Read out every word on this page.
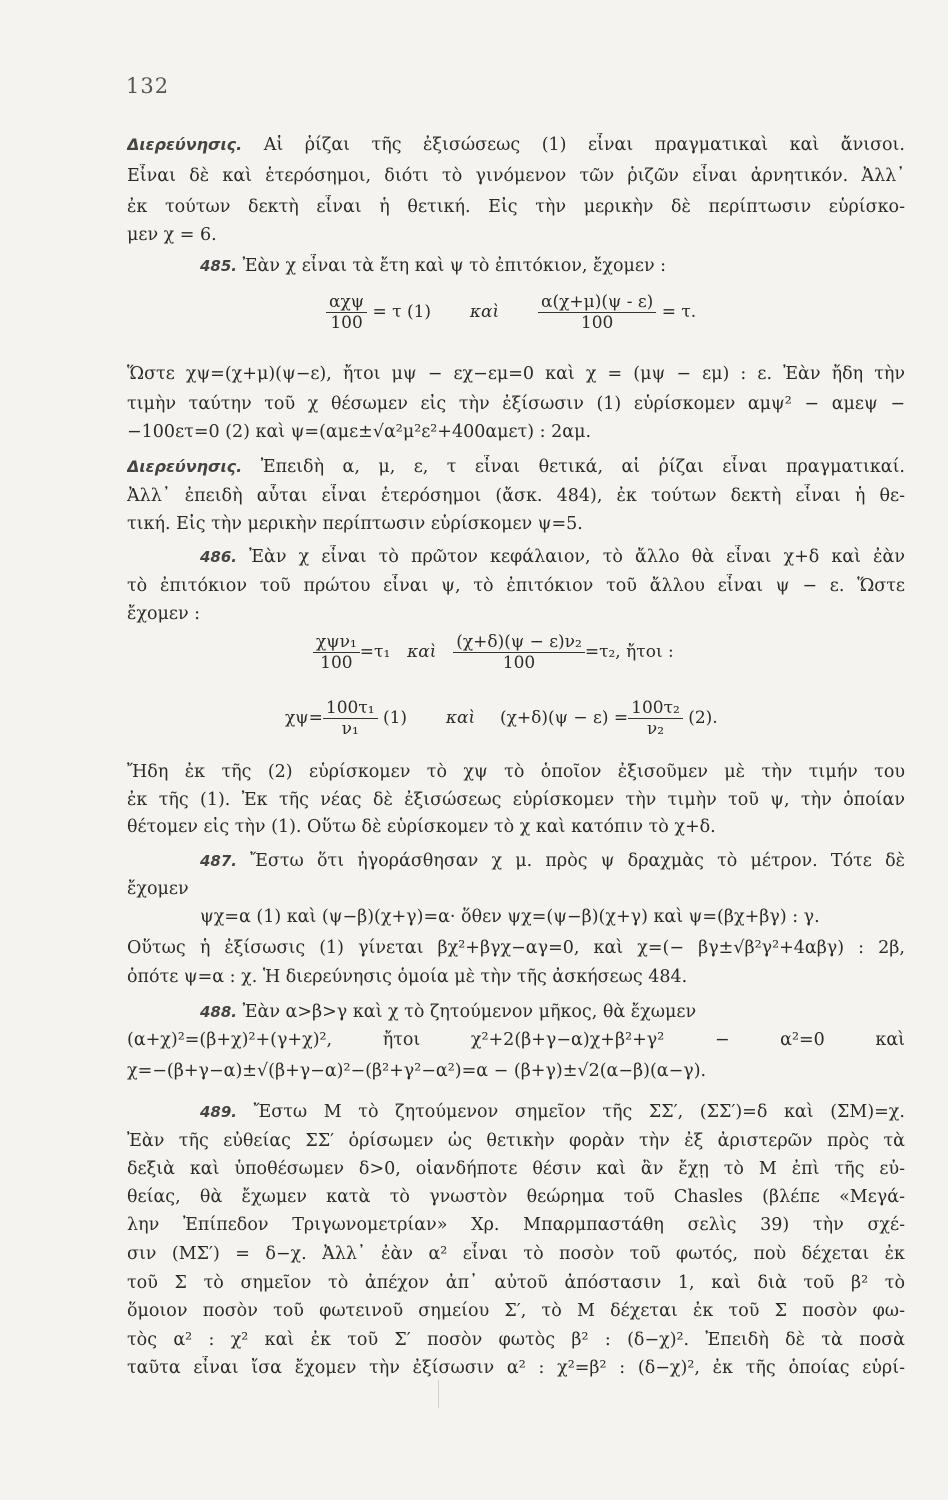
132
Διερεύνησις. Αἱ ῥίζαι τῆς ἐξισώσεως (1) εἶναι πραγματικαὶ καὶ ἄνισοι.
Εἶναι δὲ καὶ ἑτερόσημοι, διότι τὸ γινόμενον τῶν ῥιζῶν εἶναι ἀρνητικόν. Ἀλλ᾽
ἐκ τούτων δεκτὴ εἶναι ἡ θετική. Εἰς τὴν μερικὴν δὲ περίπτωσιν εὑρίσκο-
μεν χ = 6.
485. Ἐὰν χ εἶναι τὰ ἔτη καὶ ψ τὸ ἐπιτόκιον, ἔχομεν :
$\frac{\text{αχψ}}{100} = \tau$ (1) καὶ $\frac{\alpha(\chi+\mu)(\psi - \varepsilon)}{100} = \tau$.
Ὥστε χψ=(χ+μ)(ψ−ε), ἤτοι μψ − εχ−εμ=0 καὶ χ = (μψ − εμ) : ε. Ἐὰν ἤδη τὴν
τιμὴν ταύτην τοῦ χ θέσωμεν εἰς τὴν ἐξίσωσιν (1) εὑρίσκομεν αμψ² − αμεψ −
−100ετ=0 (2) καὶ ψ=(αμε±√α²μ²ε²+400αμετ) : 2αμ.
Διερεύνησις. Ἐπειδὴ α, μ, ε, τ εἶναι θετικά, αἱ ῥίζαι εἶναι πραγματικαί.
Ἀλλ᾽ ἐπειδὴ αὗται εἶναι ἑτερόσημοι (ἄσκ. 484), ἐκ τούτων δεκτὴ εἶναι ἡ θε-
τική. Εἰς τὴν μερικὴν περίπτωσιν εὑρίσκομεν ψ=5.
486. Ἐὰν χ εἶναι τὸ πρῶτον κεφάλαιον, τὸ ἄλλο θὰ εἶναι χ+δ καὶ ἐὰν
τὸ ἐπιτόκιον τοῦ πρώτου εἶναι ψ, τὸ ἐπιτόκιον τοῦ ἄλλου εἶναι ψ − ε. Ὥστε
ἔχομεν :
$\frac{\text{χψν₁}}{100} =\tau_1$ καὶ $\frac{\text{(χ+δ)(ψ − ε)ν₂}}{100} =\tau_2$, ἤτοι :
$\chi\psi= \frac{\text{100τ₁}}{\text{ν₁}} (1)$ καὶ $(\chi+\delta)(\psi - \varepsilon) = \frac{\text{100τ₂}}{\text{ν₂}} (2)$.
Ἤδη ἐκ τῆς (2) εὑρίσκομεν τὸ χψ τὸ ὁποῖον ἐξισοῦμεν μὲ τὴν τιμήν του
ἐκ τῆς (1). Ἐκ τῆς νέας δὲ ἐξισώσεως εὑρίσκομεν τὴν τιμὴν τοῦ ψ, τὴν ὁποίαν
θέτομεν εἰς τὴν (1). Οὕτω δὲ εὑρίσκομεν τὸ χ καὶ κατόπιν τὸ χ+δ.
487. Ἔστω ὅτι ἠγοράσθησαν χ μ. πρὸς ψ δραχμὰς τὸ μέτρον. Τότε δὲ
ἔχομεν
ψχ=α (1) καὶ (ψ−β)(χ+γ)=α· ὅθεν ψχ=(ψ−β)(χ+γ) καὶ ψ=(βχ+βγ) : γ.
Οὕτως ἡ ἐξίσωσις (1) γίνεται βχ²+βγχ−αγ=0, καὶ χ=(− βγ±√β²γ²+4αβγ) : 2β,
ὁπότε ψ=α : χ. Ἡ διερεύνησις ὁμοία μὲ τὴν τῆς ἀσκήσεως 484.
488. Ἐὰν α>β>γ καὶ χ τὸ ζητούμενον μῆκος, θὰ ἔχωμεν
(α+χ)²=(β+χ)²+(γ+χ)², ἤτοι χ²+2(β+γ−α)χ+β²+γ² − α²=0 καὶ
χ=−(β+γ−α)±√(β+γ−α)²−(β²+γ²−α²)=α − (β+γ)±√2(α−β)(α−γ).
489. Ἔστω Μ τὸ ζητούμενον σημεῖον τῆς ΣΣ′, (ΣΣ′)=δ καὶ (ΣΜ)=χ.
Ἐὰν τῆς εὐθείας ΣΣ′ ὁρίσωμεν ὡς θετικὴν φορὰν τὴν ἐξ ἀριστερῶν πρὸς τὰ
δεξιὰ καὶ ὑποθέσωμεν δ>0, οἱανδήποτε θέσιν καὶ ἂν ἔχῃ τὸ Μ ἐπὶ τῆς εὐ-
θείας, θὰ ἔχωμεν κατὰ τὸ γνωστὸν θεώρημα τοῦ Chasles (βλέπε «Μεγά-
λην Ἐπίπεδον Τριγωνομετρίαν» Χρ. Μπαρμπαστάθη σελὶς 39) τὴν σχέ-
σιν (ΜΣ′) = δ−χ. Ἀλλ᾽ ἐὰν α² εἶναι τὸ ποσὸν τοῦ φωτός, ποὺ δέχεται ἐκ
τοῦ Σ τὸ σημεῖον τὸ ἀπέχον ἀπ᾽ αὐτοῦ ἀπόστασιν 1, καὶ διὰ τοῦ β² τὸ
ὅμοιον ποσὸν τοῦ φωτεινοῦ σημείου Σ′, τὸ Μ δέχεται ἐκ τοῦ Σ ποσὸν φω-
τὸς α² : χ² καὶ ἐκ τοῦ Σ′ ποσὸν φωτὸς β² : (δ−χ)². Ἐπειδὴ δὲ τὰ ποσὰ
ταῦτα εἶναι ἴσα ἔχομεν τὴν ἐξίσωσιν α² : χ²=β² : (δ−χ)², ἐκ τῆς ὁποίας εὑρί-
